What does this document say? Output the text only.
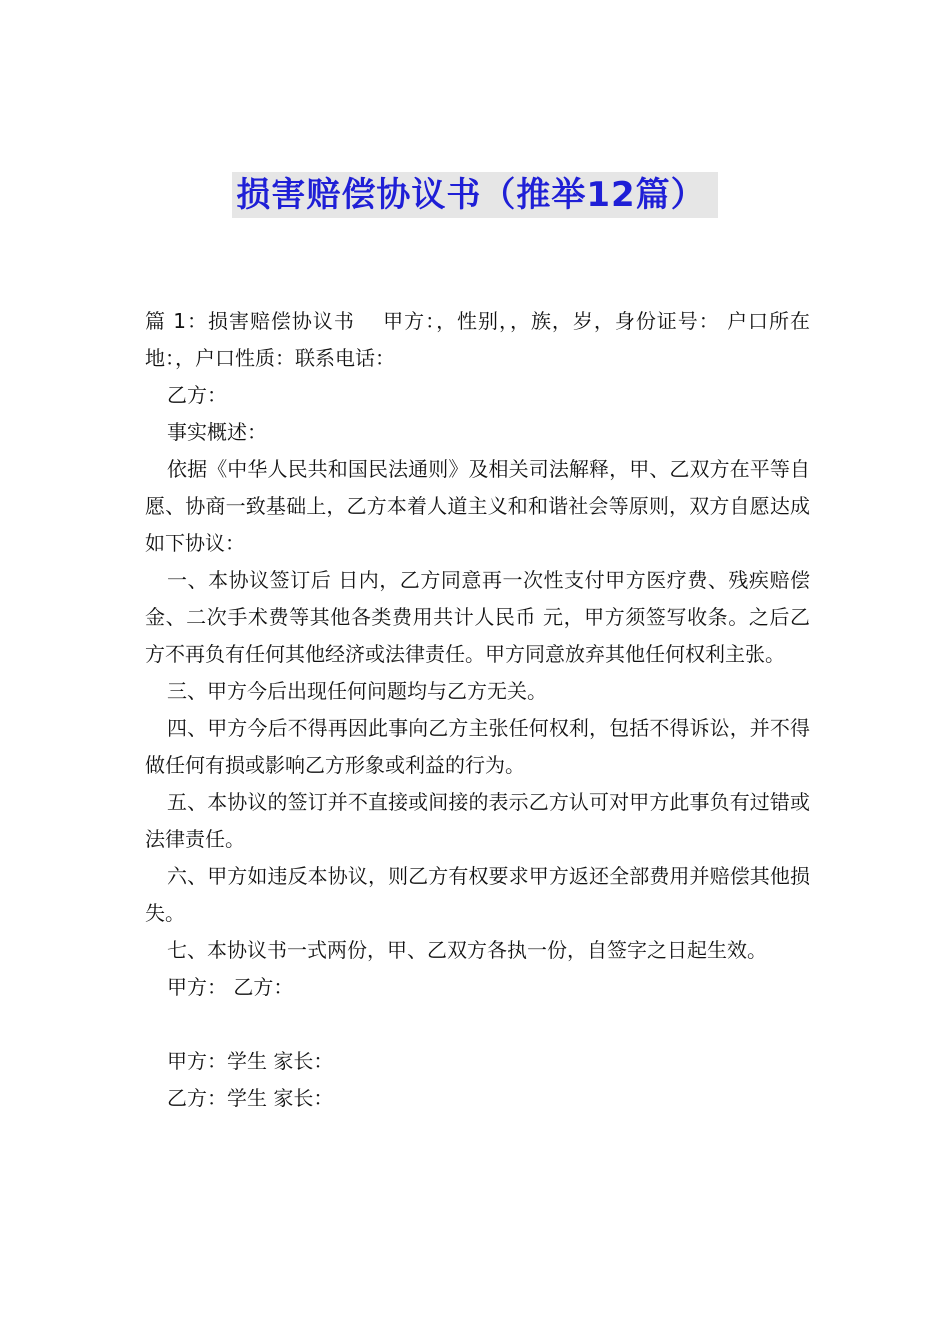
损害赔偿协议书（推举12篇）

篇 1：损害赔偿协议书　 甲方：，性别，，族，岁，身份证号： 户口所在地：，户口性质：联系电话：

乙方：

事实概述：

依据《中华人民共和国民法通则》及相关司法解释，甲、乙双方在平等自愿、协商一致基础上，乙方本着人道主义和和谐社会等原则，双方自愿达成如下协议：

一、本协议签订后 日内，乙方同意再一次性支付甲方医疗费、残疾赔偿金、二次手术费等其他各类费用共计人民币 元，甲方须签写收条。之后乙方不再负有任何其他经济或法律责任。甲方同意放弃其他任何权利主张。

三、甲方今后出现任何问题均与乙方无关。

四、甲方今后不得再因此事向乙方主张任何权利，包括不得诉讼，并不得做任何有损或影响乙方形象或利益的行为。

五、本协议的签订并不直接或间接的表示乙方认可对甲方此事负有过错或法律责任。

六、甲方如违反本协议，则乙方有权要求甲方返还全部费用并赔偿其他损失。

七、本协议书一式两份，甲、乙双方各执一份，自签字之日起生效。

甲方： 乙方：

甲方：学生 家长：

乙方：学生 家长：
